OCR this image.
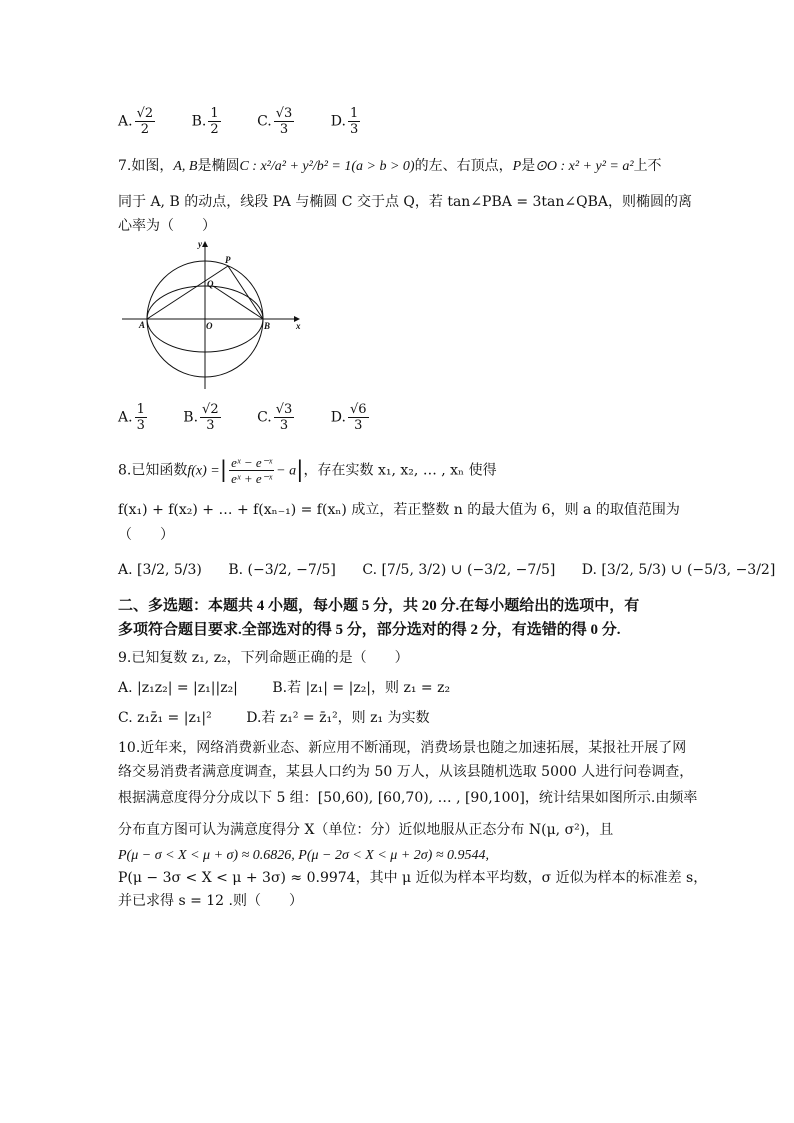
A. $\frac{√2}{2}$	B. $\frac{1}{2}$	C. $\frac{√3}{3}$	D. $\frac{1}{3}$
7.如图，A, B是椭圆C : x²/a² + y²/b² = 1(a > b > 0)的左、右顶点，P是⊙O : x² + y² = a²上不
同于 A, B 的动点，线段 PA 与椭圆 C 交于点 Q，若 tan∠PBA = 3tan∠QBA，则椭圆的离
心率为（　　）
y
P
Q
A	O	B	x
A. $\frac{1}{3}$	B. $\frac{√2}{3}$	C. $\frac{√3}{3}$	D. $\frac{√6}{3}$
8.已知函数f(x) =| $\frac{\text{eˣ − e⁻ˣ}}{\text{eˣ + e⁻ˣ}} - a|$，存在实数 x₁, x₂, … , xₙ 使得
f(x₁) + f(x₂) + … + f(xₙ₋₁) = f(xₙ) 成立，若正整数 n 的最大值为 6，则 a 的取值范围为
（　　）
A. [3/2, 5/3) B. (−3/2, −7/5] C. [7/5, 3/2) ∪ (−3/2, −7/5] D. [3/2, 5/3) ∪ (−5/3, −3/2]
二、多选题：本题共 4 小题，每小题 5 分，共 20 分.在每小题给出的选项中，有
多项符合题目要求.全部选对的得 5 分，部分选对的得 2 分，有选错的得 0 分.
9.已知复数 z₁, z₂，下列命题正确的是（　　）
A. |z₁z₂| = |z₁||z₂| B.若 |z₁| = |z₂|，则 z₁ = z₂
C. z₁z̄₁ = |z₁|² D.若 z₁² = z̄₁²，则 z₁ 为实数
10.近年来，网络消费新业态、新应用不断涌现，消费场景也随之加速拓展，某报社开展了网
络交易消费者满意度调查，某县人口约为 50 万人，从该县随机选取 5000 人进行问卷调查，
根据满意度得分分成以下 5 组：[50,60), [60,70), … , [90,100]，统计结果如图所示.由频率
分布直方图可认为满意度得分 X（单位：分）近似地服从正态分布 N(μ, σ²)，且
P(μ − σ < X < μ + σ) ≈ 0.6826, P(μ − 2σ < X < μ + 2σ) ≈ 0.9544,
P(μ − 3σ < X < μ + 3σ) ≈ 0.9974，其中 μ 近似为样本平均数，σ 近似为样本的标准差 s，
并已求得 s = 12 .则（　　）
